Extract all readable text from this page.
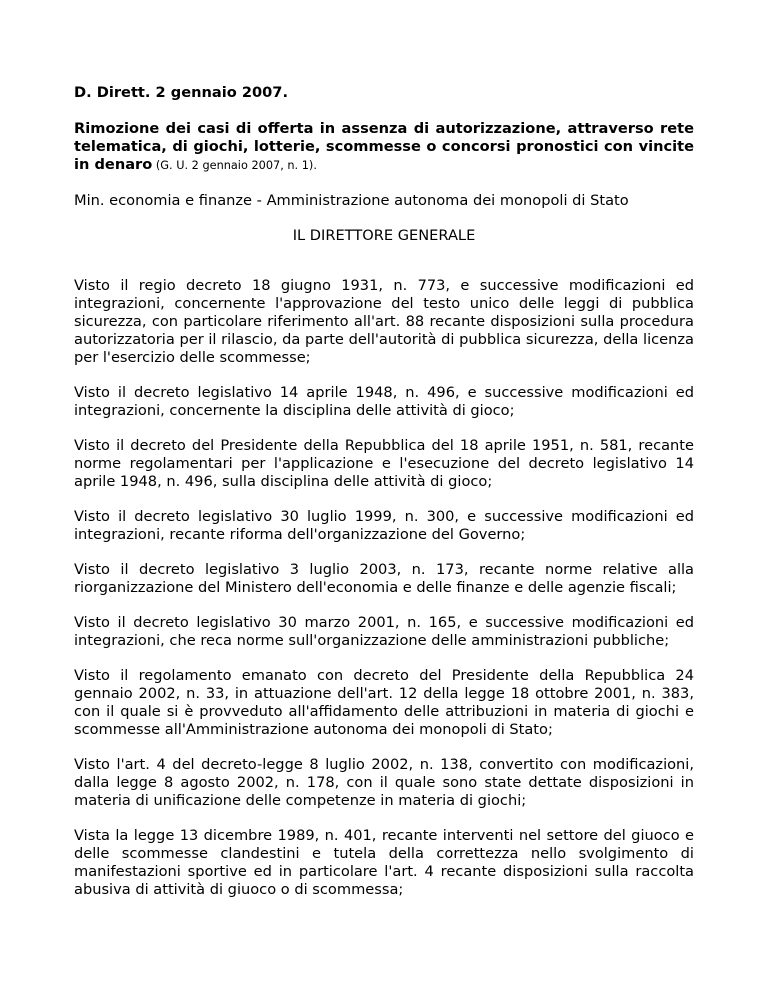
D. Dirett. 2 gennaio 2007.

Rimozione dei casi di offerta in assenza di autorizzazione, attraverso rete telematica, di giochi, lotterie, scommesse o concorsi pronostici con vincite in denaro (G. U. 2 gennaio 2007, n. 1).

Min. economia e finanze - Amministrazione autonoma dei monopoli di Stato

IL DIRETTORE GENERALE

Visto il regio decreto 18 giugno 1931, n. 773, e successive modificazioni ed integrazioni, concernente l'approvazione del testo unico delle leggi di pubblica sicurezza, con particolare riferimento all'art. 88 recante disposizioni sulla procedura autorizzatoria per il rilascio, da parte dell'autorità di pubblica sicurezza, della licenza per l'esercizio delle scommesse;

Visto il decreto legislativo 14 aprile 1948, n. 496, e successive modificazioni ed integrazioni, concernente la disciplina delle attività di gioco;

Visto il decreto del Presidente della Repubblica del 18 aprile 1951, n. 581, recante norme regolamentari per l'applicazione e l'esecuzione del decreto legislativo 14 aprile 1948, n. 496, sulla disciplina delle attività di gioco;

Visto il decreto legislativo 30 luglio 1999, n. 300, e successive modificazioni ed integrazioni, recante riforma dell'organizzazione del Governo;

Visto il decreto legislativo 3 luglio 2003, n. 173, recante norme relative alla riorganizzazione del Ministero dell'economia e delle finanze e delle agenzie fiscali;

Visto il decreto legislativo 30 marzo 2001, n. 165, e successive modificazioni ed integrazioni, che reca norme sull'organizzazione delle amministrazioni pubbliche;

Visto il regolamento emanato con decreto del Presidente della Repubblica 24 gennaio 2002, n. 33, in attuazione dell'art. 12 della legge 18 ottobre 2001, n. 383, con il quale si è provveduto all'affidamento delle attribuzioni in materia di giochi e scommesse all'Amministrazione autonoma dei monopoli di Stato;

Visto l'art. 4 del decreto-legge 8 luglio 2002, n. 138, convertito con modificazioni, dalla legge 8 agosto 2002, n. 178, con il quale sono state dettate disposizioni in materia di unificazione delle competenze in materia di giochi;

Vista la legge 13 dicembre 1989, n. 401, recante interventi nel settore del giuoco e delle scommesse clandestini e tutela della correttezza nello svolgimento di manifestazioni sportive ed in particolare l'art. 4 recante disposizioni sulla raccolta abusiva di attività di giuoco o di scommessa;
